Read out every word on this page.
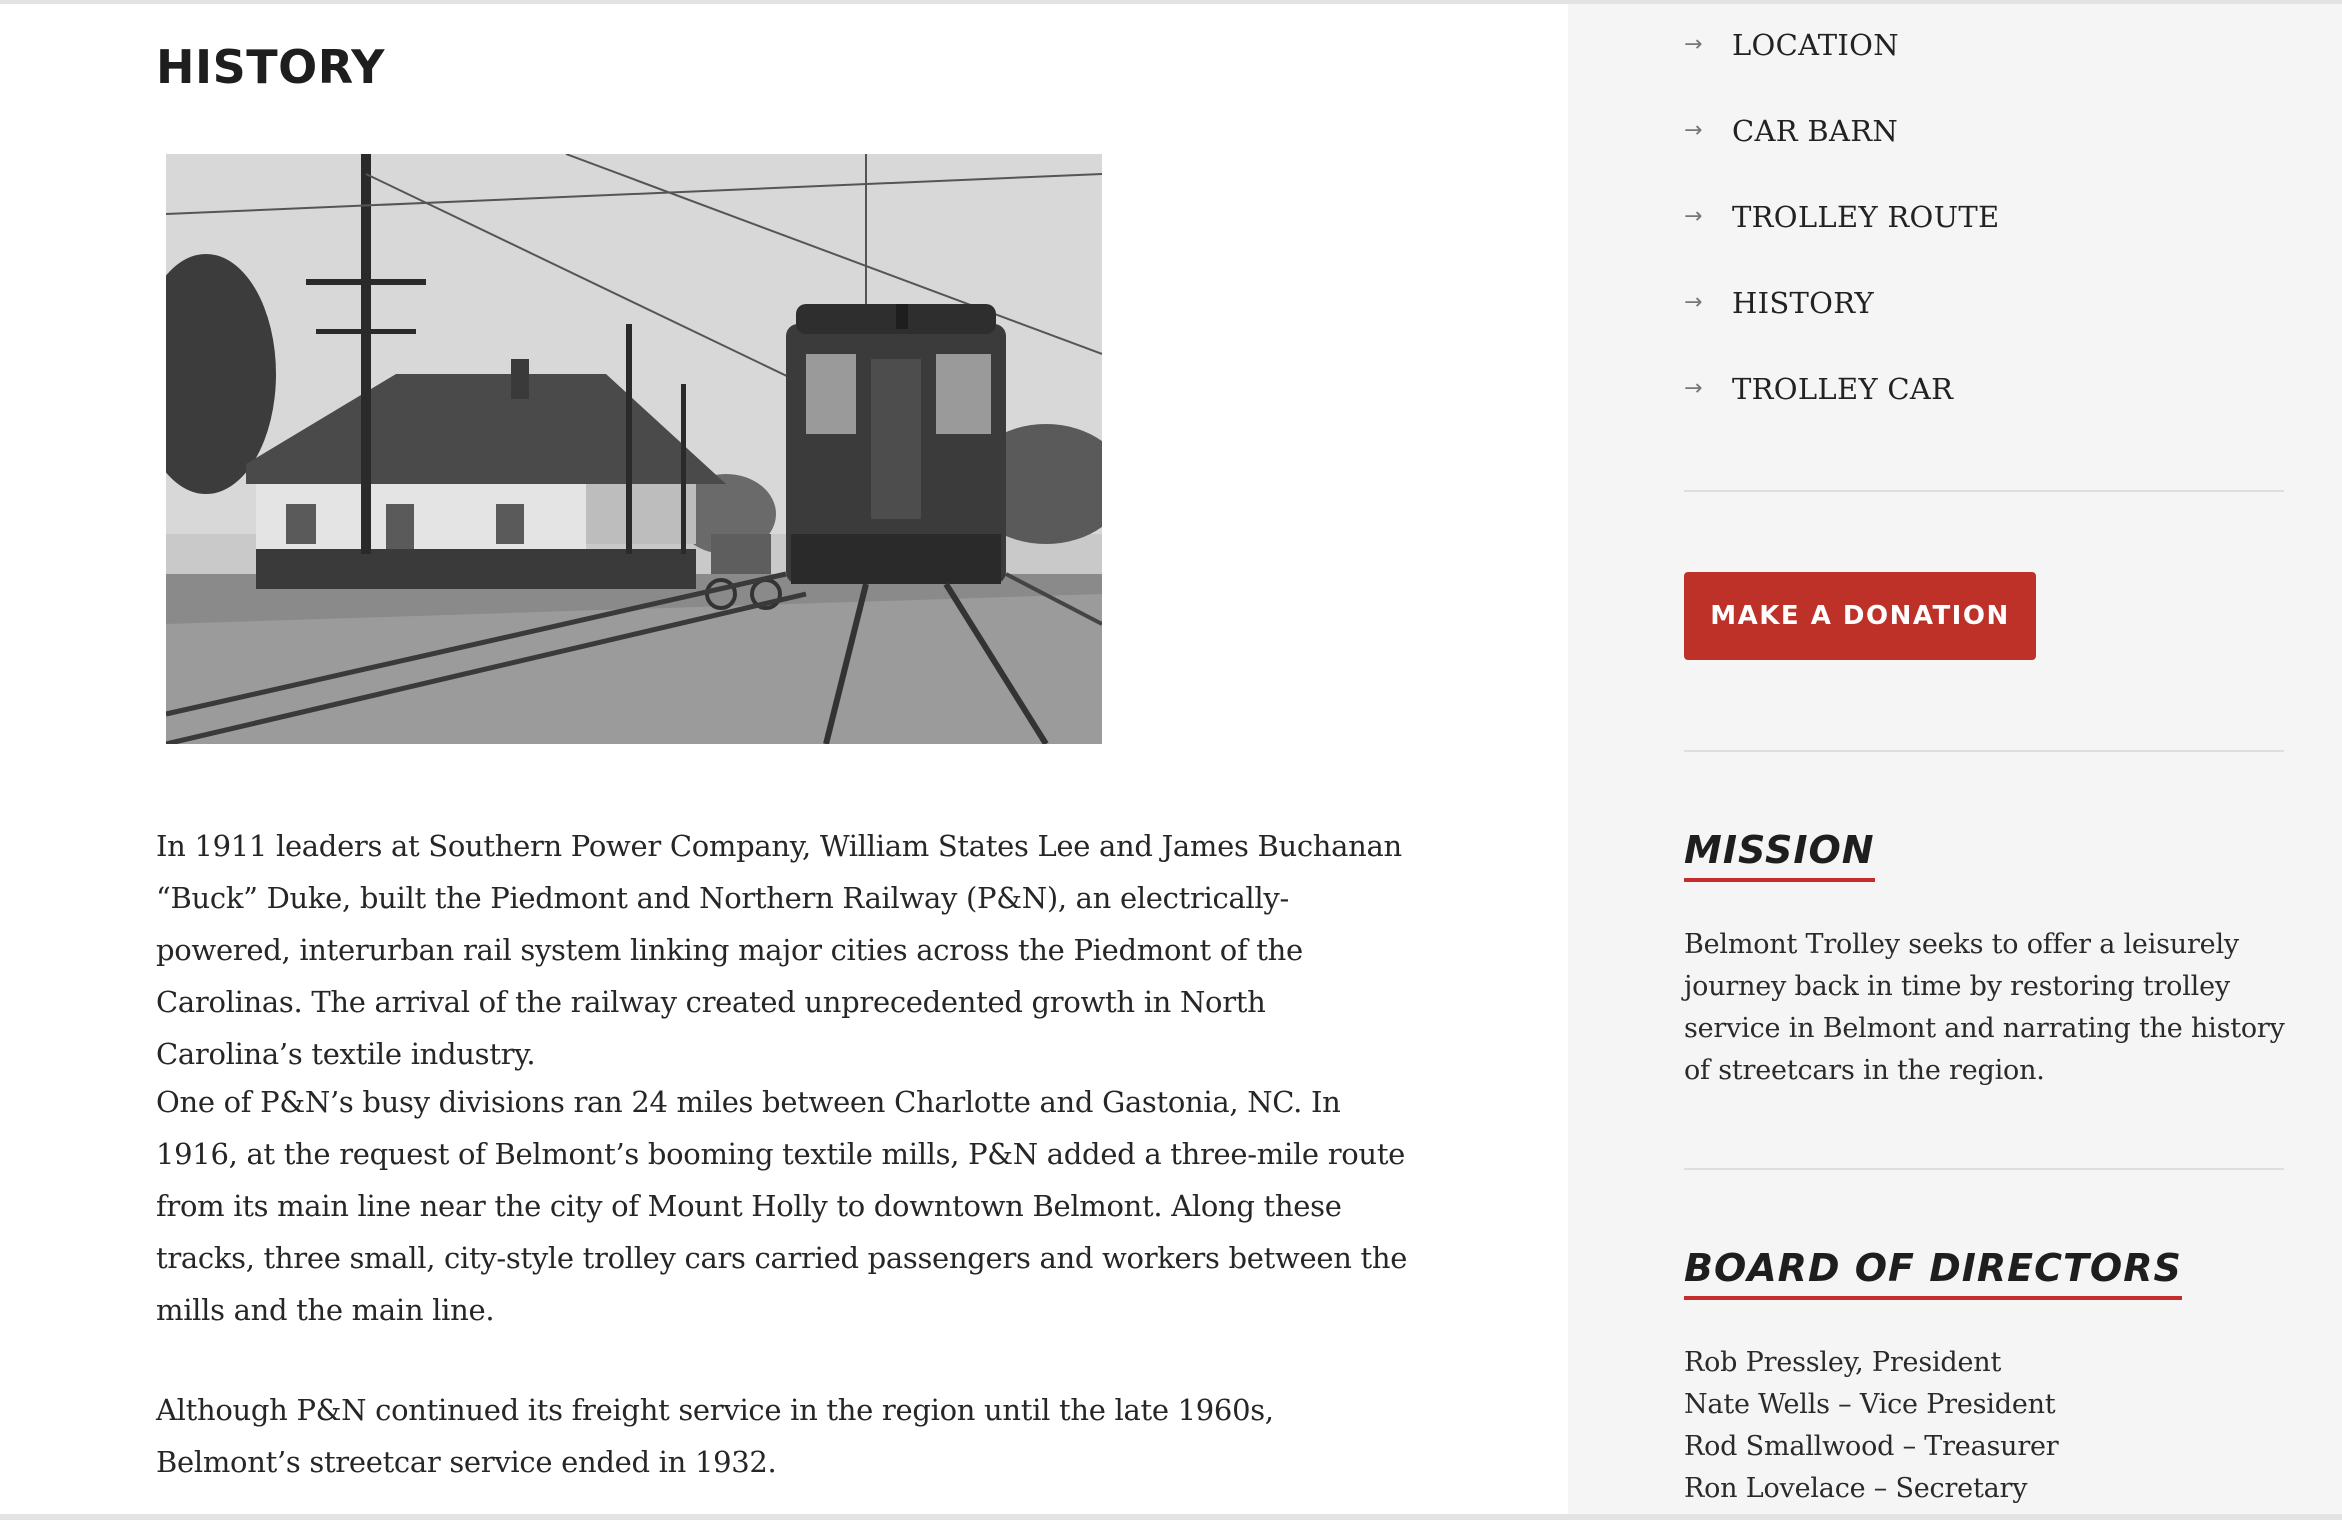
HISTORY

In 1911 leaders at Southern Power Company, William States Lee and James Buchanan “Buck” Duke, built the Piedmont and Northern Railway (P&N), an electrically-powered, interurban rail system linking major cities across the Piedmont of the Carolinas. The arrival of the railway created unprecedented growth in North Carolina’s textile industry.

One of P&N’s busy divisions ran 24 miles between Charlotte and Gastonia, NC. In 1916, at the request of Belmont’s booming textile mills, P&N added a three-mile route from its main line near the city of Mount Holly to downtown Belmont. Along these tracks, three small, city-style trolley cars carried passengers and workers between the mills and the main line.

Although P&N continued its freight service in the region until the late 1960s, Belmont’s streetcar service ended in 1932.

→	LOCATION
→	CAR BARN
→	TROLLEY ROUTE
→	HISTORY
→	TROLLEY CAR
MAKE A DONATION
MISSION

Belmont Trolley seeks to offer a leisurely journey back in time by restoring trolley service in Belmont and narrating the history of streetcars in the region.

BOARD OF DIRECTORS
Rob Pressley, President
Nate Wells – Vice President
Rod Smallwood – Treasurer
Ron Lovelace – Secretary
